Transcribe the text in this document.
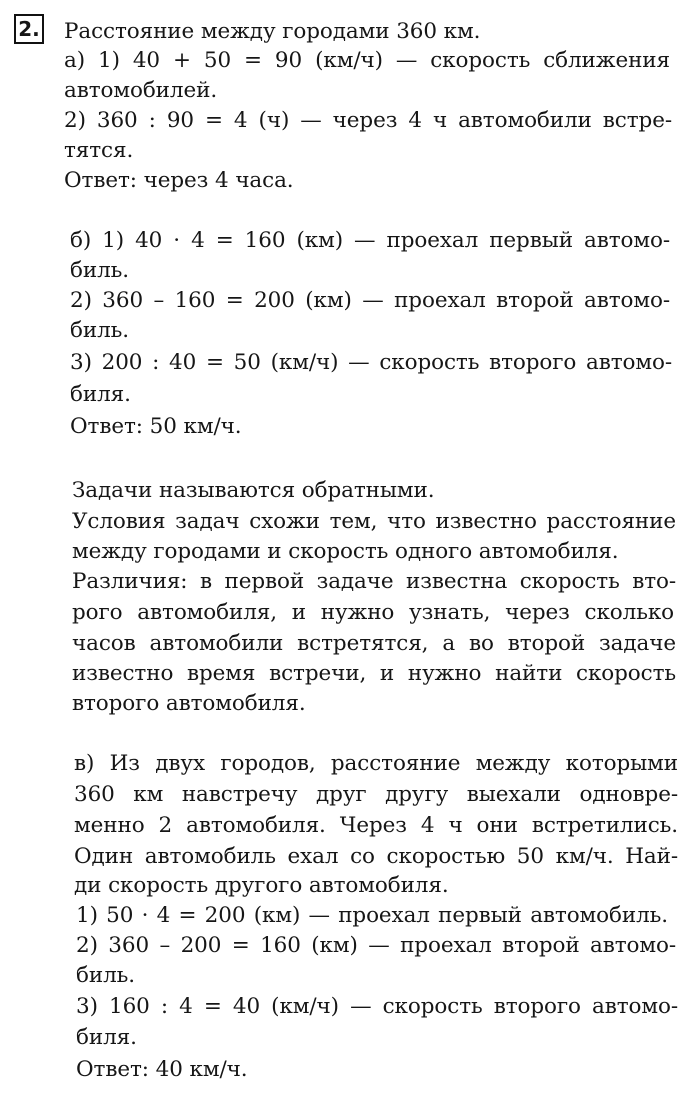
2. Расстояние между городами 360 км.
а) 1) 40 + 50 = 90 (км/ч) — скорость сближения
автомобилей.
2) 360 : 90 = 4 (ч) — через 4 ч автомобили встре-
тятся.
Ответ: через 4 часа.
б) 1) 40 · 4 = 160 (км) — проехал первый автомо-
биль.
2) 360 – 160 = 200 (км) — проехал второй автомо-
биль.
3) 200 : 40 = 50 (км/ч) — скорость второго автомо-
биля.
Ответ: 50 км/ч.
Задачи называются обратными.
Условия задач схожи тем, что известно расстояние
между городами и скорость одного автомобиля.
Различия: в первой задаче известна скорость вто-
рого автомобиля, и нужно узнать, через сколько
часов автомобили встретятся, а во второй задаче
известно время встречи, и нужно найти скорость
второго автомобиля.
в) Из двух городов, расстояние между которыми
360 км навстречу друг другу выехали одновре-
менно 2 автомобиля. Через 4 ч они встретились.
Один автомобиль ехал со скоростью 50 км/ч. Най-
ди скорость другого автомобиля.
1) 50 · 4 = 200 (км) — проехал первый автомобиль.
2) 360 – 200 = 160 (км) — проехал второй автомо-
биль.
3) 160 : 4 = 40 (км/ч) — скорость второго автомо-
биля.
Ответ: 40 км/ч.
